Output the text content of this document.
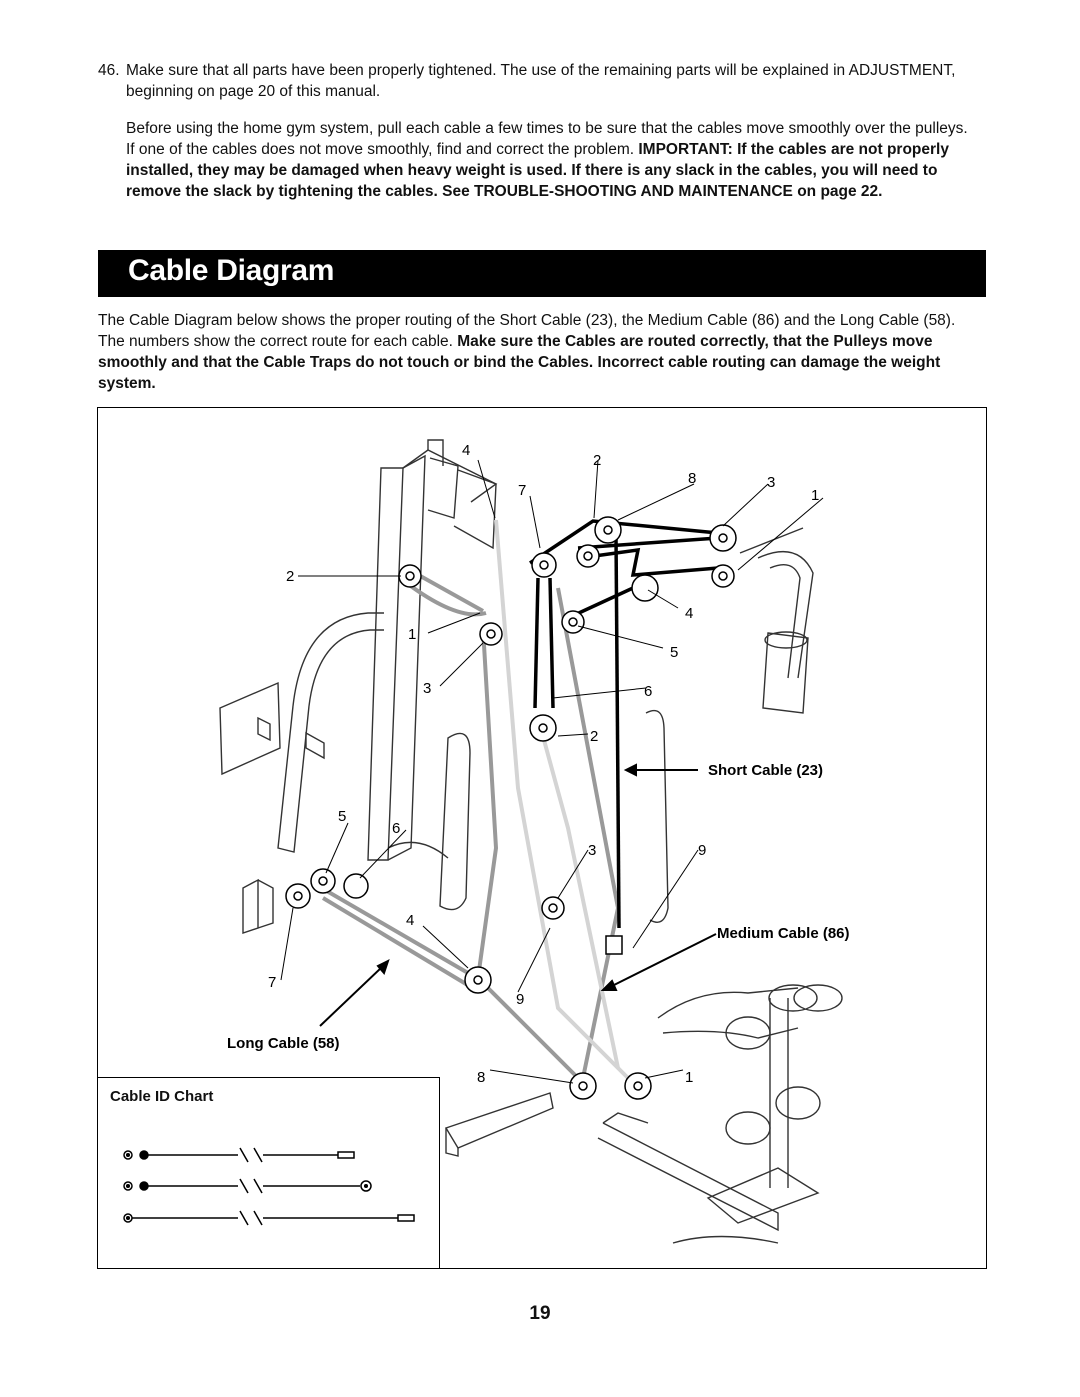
46. Make sure that all parts have been properly tightened. The use of the remaining parts will be explained in ADJUSTMENT, beginning on page 20 of this manual.
Before using the home gym system, pull each cable a few times to be sure that the cables move smoothly over the pulleys. If one of the cables does not move smoothly, find and correct the problem. IMPORTANT: If the cables are not properly installed, they may be damaged when heavy weight is used. If there is any slack in the cables, you will need to remove the slack by tightening the cables. See TROUBLE-SHOOTING AND MAINTENANCE on page 22.
Cable Diagram
The Cable Diagram below shows the proper routing of the Short Cable (23), the Medium Cable (86) and the Long Cable (58). The numbers show the correct route for each cable. Make sure the Cables are routed correctly, that the Pulleys move smoothly and that the Cable Traps do not touch or bind the Cables. Incorrect cable routing can damage the weight system.
2
1
3
5
6
4
7
4
2
7
8	3
1
4
5
6
2
3	9
9
8	1
Short Cable (23)
Medium Cable (86)
Long Cable (58)
Cable ID Chart
19
